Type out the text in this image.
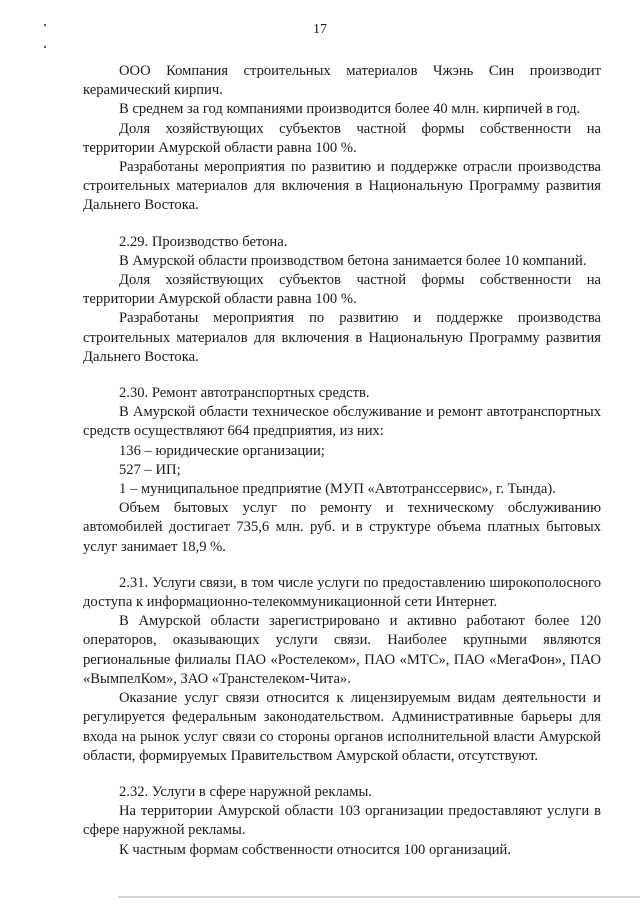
17

ООО Компания строительных материалов Чжэнь Син производит керамический кирпич.

В среднем за год компаниями производится более 40 млн. кирпичей в год.

Доля хозяйствующих субъектов частной формы собственности на территории Амурской области равна 100 %.

Разработаны мероприятия по развитию и поддержке отрасли производства строительных материалов для включения в Национальную Программу развития Дальнего Востока.

2.29. Производство бетона.

В Амурской области производством бетона занимается более 10 компаний.

Доля хозяйствующих субъектов частной формы собственности на территории Амурской области равна 100 %.

Разработаны мероприятия по развитию и поддержке производства строительных материалов для включения в Национальную Программу развития Дальнего Востока.

2.30. Ремонт автотранспортных средств.

В Амурской области техническое обслуживание и ремонт автотранспортных средств осуществляют 664 предприятия, из них:

136 – юридические организации;

527 – ИП;

1 – муниципальное предприятие (МУП «Автотранссервис», г. Тында).

Объем бытовых услуг по ремонту и техническому обслуживанию автомобилей достигает 735,6 млн. руб. и в структуре объема платных бытовых услуг занимает 18,9 %.

2.31. Услуги связи, в том числе услуги по предоставлению широкополосного доступа к информационно-телекоммуникационной сети Интернет.

В Амурской области зарегистрировано и активно работают более 120 операторов, оказывающих услуги связи. Наиболее крупными являются региональные филиалы ПАО «Ростелеком», ПАО «МТС», ПАО «МегаФон», ПАО «ВымпелКом», ЗАО «Транстелеком-Чита».

Оказание услуг связи относится к лицензируемым видам деятельности и регулируется федеральным законодательством. Административные барьеры для входа на рынок услуг связи со стороны органов исполнительной власти Амурской области, формируемых Правительством Амурской области, отсутствуют.

2.32. Услуги в сфере наружной рекламы.

На территории Амурской области 103 организации предоставляют услуги в сфере наружной рекламы.

К частным формам собственности относится 100 организаций.
